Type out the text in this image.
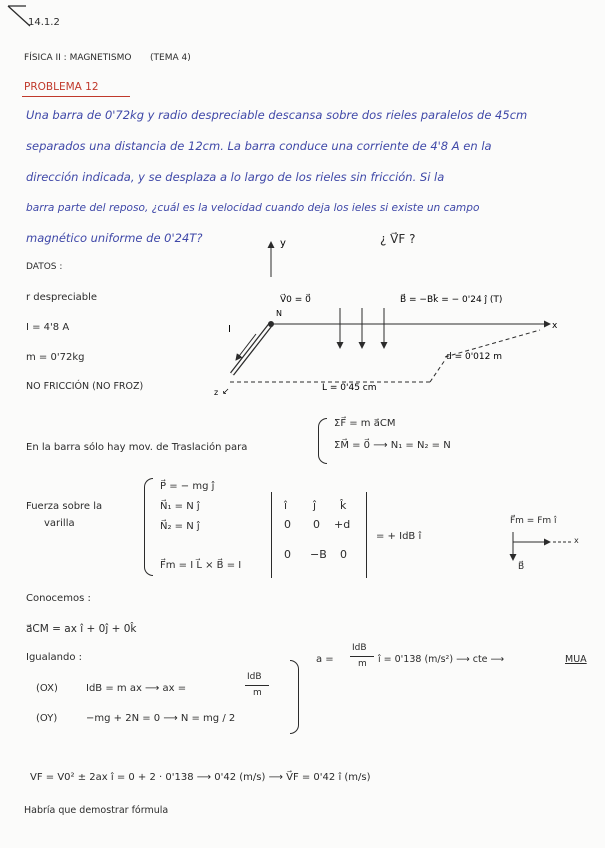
14.1.2
FÍSICA II : MAGNETISMO (TEMA 4)
PROBLEMA 12
Una barra de 0'72kg y radio despreciable descansa sobre dos rieles paralelos de 45cm
separados una distancia de 12cm. La barra conduce una corriente de 4'8 A en la
dirección indicada, y se desplaza a lo largo de los rieles sin fricción. Si la
barra parte del reposo, ¿cuál es la velocidad cuando deja los ieles si existe un campo
magnético uniforme de 0'24T?	¿ V⃗F ?
DATOS :
r despreciable
I = 4'8 A
m = 0'72kg
NO FRICCIÓN (NO FROZ)
y
x
N
I
z ↙
V⃗0 = 0⃗	B⃗ = −Bk̂ = − 0'24 ĵ (T)
d = 0'012 m
L = 0'45 cm
En la barra sólo hay mov. de Traslación para
ΣF⃗ = m a⃗CM
ΣM⃗ = 0⃗ ⟶ N₁ = N₂ = N
Fuerza sobre la
varilla
P⃗ = − mg ĵ
N⃗₁ = N ĵ
N⃗₂ = N ĵ
F⃗m = I L⃗ × B⃗ = I
î ĵ k̂
0 0 +d
0 −B 0
= + IdB î
F⃗m = Fm î
B⃗
x
Conocemos :
a⃗CM = ax î + 0ĵ + 0k̂
Igualando :
(OX)	IdB = m ax ⟶ ax =
IdB
m
(OY)	−mg + 2N = 0 ⟶ N = mg / 2
a =
IdB
m î = 0'138 (m/s²) ⟶ cte ⟶	MUA
VF = V0² ± 2ax î = 0 + 2 · 0'138 ⟶ 0'42 (m/s) ⟶ V⃗F = 0'42 î (m/s)
Habría que demostrar fórmula
